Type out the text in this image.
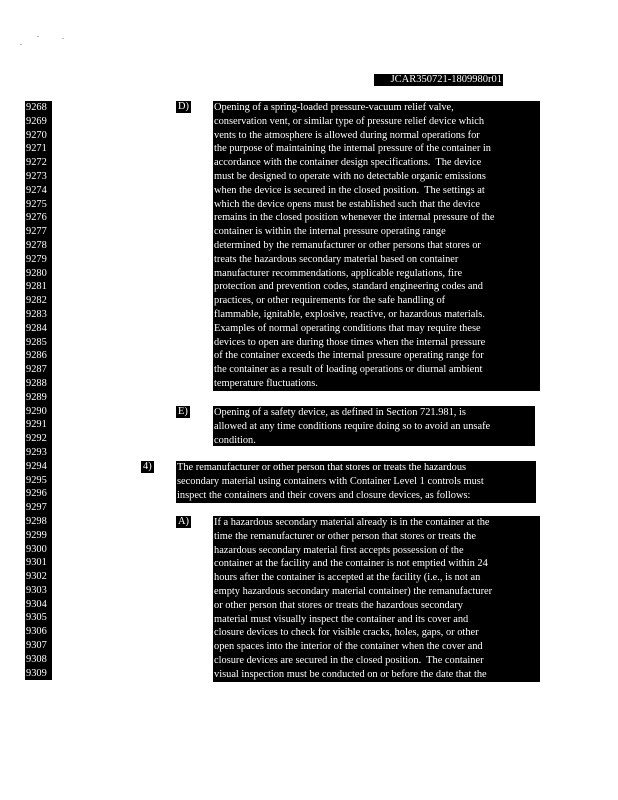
JCAR350721-1809980r01
9268
9269
9270
9271
9272
9273
9274
9275
9276
9277
9278
9279
9280
9281
9282
9283
9284
9285
9286
9287
9288
9289
9290
9291
9292
9293
9294
9295
9296
9297
9298
9299
9300
9301
9302
9303
9304
9305
9306
9307
9308
9309
D) Opening of a spring-loaded pressure-vacuum relief valve,
conservation vent, or similar type of pressure relief device which
vents to the atmosphere is allowed during normal operations for
the purpose of maintaining the internal pressure of the container in
accordance with the container design specifications.  The device
must be designed to operate with no detectable organic emissions
when the device is secured in the closed position.  The settings at
which the device opens must be established such that the device
remains in the closed position whenever the internal pressure of the
container is within the internal pressure operating range
determined by the remanufacturer or other persons that stores or
treats the hazardous secondary material based on container
manufacturer recommendations, applicable regulations, fire
protection and prevention codes, standard engineering codes and
practices, or other requirements for the safe handling of
flammable, ignitable, explosive, reactive, or hazardous materials.
Examples of normal operating conditions that may require these
devices to open are during those times when the internal pressure
of the container exceeds the internal pressure operating range for
the container as a result of loading operations or diurnal ambient
temperature fluctuations.
E)	Opening of a safety device, as defined in Section 721.981, is
allowed at any time conditions require doing so to avoid an unsafe
condition.
4) The remanufacturer or other person that stores or treats the hazardous
secondary material using containers with Container Level 1 controls must
inspect the containers and their covers and closure devices, as follows:
A) If a hazardous secondary material already is in the container at the
time the remanufacturer or other person that stores or treats the
hazardous secondary material first accepts possession of the
container at the facility and the container is not emptied within 24
hours after the container is accepted at the facility (i.e., is not an
empty hazardous secondary material container) the remanufacturer
or other person that stores or treats the hazardous secondary
material must visually inspect the container and its cover and
closure devices to check for visible cracks, holes, gaps, or other
open spaces into the interior of the container when the cover and
closure devices are secured in the closed position.  The container
visual inspection must be conducted on or before the date that the
